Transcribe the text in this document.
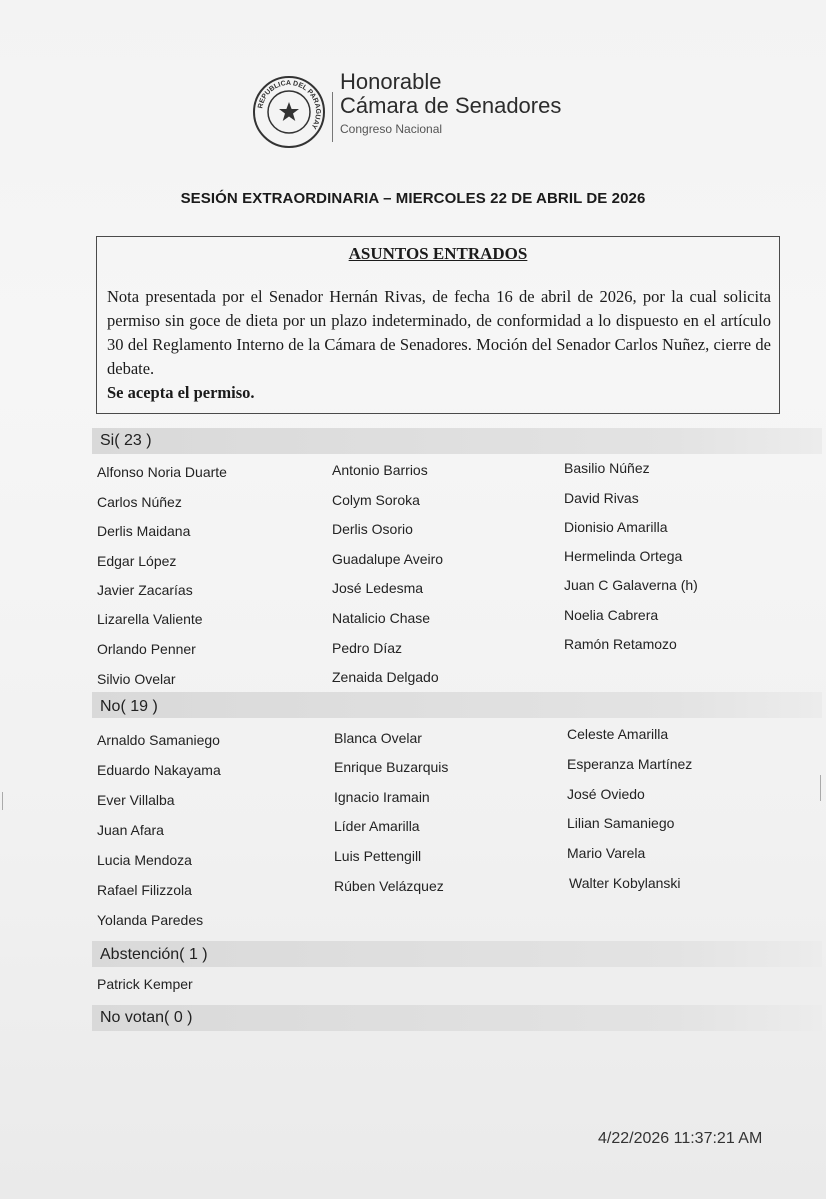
REPUBLICA DEL PARAGUAY
Honorable
Cámara de Senadores
Congreso Nacional
SESIÓN EXTRAORDINARIA – MIERCOLES 22 DE ABRIL DE 2026
ASUNTOS ENTRADOS
Nota presentada por el Senador Hernán Rivas, de fecha 16 de abril de 2026, por la cual solicita permiso sin goce de dieta por un plazo indeterminado, de conformidad a lo dispuesto en el artículo 30 del Reglamento Interno de la Cámara de Senadores. Moción del Senador Carlos Nuñez, cierre de debate.
Se acepta el permiso.
Si( 23 )
No( 19 )
Abstención( 1 )
No votan( 0 )
Alfonso Noria Duarte	Antonio Barrios	Basilio Núñez
Carlos Núñez	Colym Soroka	David Rivas
Derlis Maidana	Derlis Osorio	Dionisio Amarilla
Edgar López	Guadalupe Aveiro	Hermelinda Ortega
Javier Zacarías	José Ledesma	Juan C Galaverna (h)
Lizarella Valiente	Natalicio Chase	Noelia Cabrera
Orlando Penner	Pedro Díaz	Ramón Retamozo
Silvio Ovelar	Zenaida Delgado
Arnaldo Samaniego	Blanca Ovelar	Celeste Amarilla
Eduardo Nakayama	Enrique Buzarquis	Esperanza Martínez
Ever Villalba	Ignacio Iramain	José Oviedo
Juan Afara	Líder Amarilla	Lilian Samaniego
Lucia Mendoza	Luis Pettengill	Mario Varela
Rafael Filizzola	Rúben Velázquez	Walter Kobylanski
Yolanda Paredes
Patrick Kemper
4/22/2026 11:37:21 AM
